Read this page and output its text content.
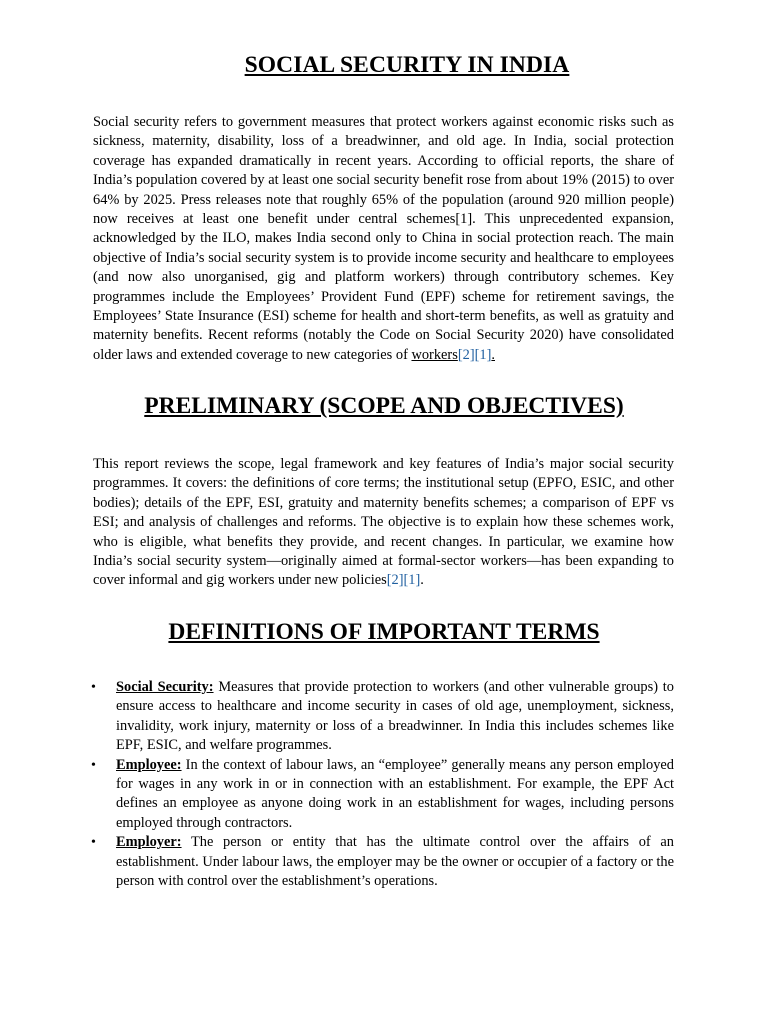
SOCIAL SECURITY IN INDIA

Social security refers to government measures that protect workers against economic risks such as sickness, maternity, disability, loss of a breadwinner, and old age. In India, social protection coverage has expanded dramatically in recent years. According to official reports, the share of India’s population covered by at least one social security benefit rose from about 19% (2015) to over 64% by 2025. Press releases note that roughly 65% of the population (around 920 million people) now receives at least one benefit under central schemes[1]. This unprecedented expansion, acknowledged by the ILO, makes India second only to China in social protection reach. The main objective of India’s social security system is to provide income security and healthcare to employees (and now also unorganised, gig and platform workers) through contributory schemes. Key programmes include the Employees’ Provident Fund (EPF) scheme for retirement savings, the Employees’ State Insurance (ESI) scheme for health and short-term benefits, as well as gratuity and maternity benefits. Recent reforms (notably the Code on Social Security 2020) have consolidated older laws and extended coverage to new categories of workers[2][1].

PRELIMINARY (SCOPE AND OBJECTIVES)

This report reviews the scope, legal framework and key features of India’s major social security programmes. It covers: the definitions of core terms; the institutional setup (EPFO, ESIC, and other bodies); details of the EPF, ESI, gratuity and maternity benefits schemes; a comparison of EPF vs ESI; and analysis of challenges and reforms. The objective is to explain how these schemes work, who is eligible, what benefits they provide, and recent changes. In particular, we examine how India’s social security system—originally aimed at formal-sector workers—has been expanding to cover informal and gig workers under new policies[2][1].

DEFINITIONS OF IMPORTANT TERMS
• Social Security: Measures that provide protection to workers (and other vulnerable groups) to ensure access to healthcare and income security in cases of old age, unemployment, sickness, invalidity, work injury, maternity or loss of a breadwinner. In India this includes schemes like EPF, ESIC, and welfare programmes.
• Employee: In the context of labour laws, an “employee” generally means any person employed for wages in any work in or in connection with an establishment. For example, the EPF Act defines an employee as anyone doing work in an establishment for wages, including persons employed through contractors.
• Employer: The person or entity that has the ultimate control over the affairs of an establishment. Under labour laws, the employer may be the owner or occupier of a factory or the person with control over the establishment’s operations.
